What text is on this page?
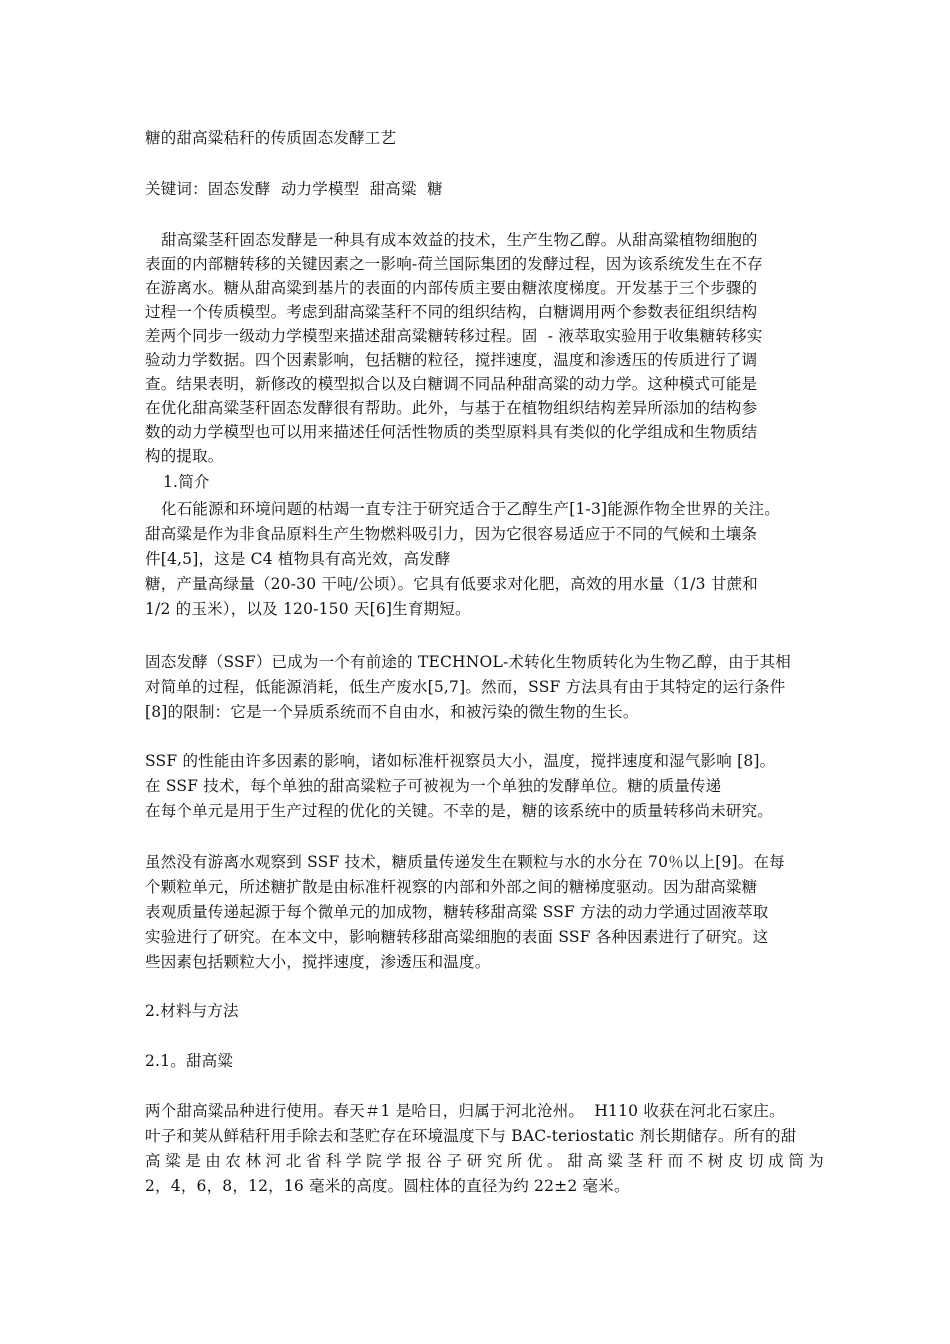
糖的甜高粱秸秆的传质固态发酵工艺
关键词：固态发酵  动力学模型  甜高粱  糖
甜高粱茎秆固态发酵是一种具有成本效益的技术，生产生物乙醇。从甜高粱植物细胞的
表面的内部糖转移的关键因素之一影响-荷兰国际集团的发酵过程，因为该系统发生在不存
在游离水。糖从甜高粱到基片的表面的内部传质主要由糖浓度梯度。开发基于三个步骤的
过程一个传质模型。考虑到甜高粱茎秆不同的组织结构，白糖调用两个参数表征组织结构
差两个同步一级动力学模型来描述甜高粱糖转移过程。固  - 液萃取实验用于收集糖转移实
验动力学数据。四个因素影响，包括糖的粒径，搅拌速度，温度和渗透压的传质进行了调
查。结果表明，新修改的模型拟合以及白糖调不同品种甜高粱的动力学。这种模式可能是
在优化甜高粱茎秆固态发酵很有帮助。此外，与基于在植物组织结构差异所添加的结构参
数的动力学模型也可以用来描述任何活性物质的类型原料具有类似的化学组成和生物质结
构的提取。
1.简介
化石能源和环境问题的枯竭一直专注于研究适合于乙醇生产[1-3]能源作物全世界的关注。
甜高粱是作为非食品原料生产生物燃料吸引力，因为它很容易适应于不同的气候和土壤条
件[4,5]，这是 C4 植物具有高光效，高发酵
糖，产量高绿量（20-30 干吨/公顷）。它具有低要求对化肥，高效的用水量（1/3 甘蔗和
1/2 的玉米），以及 120-150 天[6]生育期短。
固态发酵（SSF）已成为一个有前途的 TECHNOL-术转化生物质转化为生物乙醇，由于其相
对简单的过程，低能源消耗，低生产废水[5,7]。然而，SSF 方法具有由于其特定的运行条件
[8]的限制：它是一个异质系统而不自由水，和被污染的微生物的生长。
SSF 的性能由许多因素的影响，诸如标准杆视察员大小，温度，搅拌速度和湿气影响 [8]。
在 SSF 技术，每个单独的甜高粱粒子可被视为一个单独的发酵单位。糖的质量传递
在每个单元是用于生产过程的优化的关键。不幸的是，糖的该系统中的质量转移尚未研究。
虽然没有游离水观察到 SSF 技术，糖质量传递发生在颗粒与水的水分在 70％以上[9]。在每
个颗粒单元，所述糖扩散是由标准杆视察的内部和外部之间的糖梯度驱动。因为甜高粱糖
表观质量传递起源于每个微单元的加成物，糖转移甜高粱 SSF 方法的动力学通过固液萃取
实验进行了研究。在本文中，影响糖转移甜高粱细胞的表面 SSF 各种因素进行了研究。这
些因素包括颗粒大小，搅拌速度，渗透压和温度。
2.材料与方法
2.1。甜高粱
两个甜高粱品种进行使用。春天＃1 是哈日，归属于河北沧州。  H110 收获在河北石家庄。
叶子和荚从鲜秸秆用手除去和茎贮存在环境温度下与 BAC-teriostatic 剂长期储存。所有的甜
高粱是由农林河北省科学院学报谷子研究所优。甜高粱茎秆而不树皮切成筒为
2，4，6，8，12，16 毫米的高度。圆柱体的直径为约 22±2 毫米。
